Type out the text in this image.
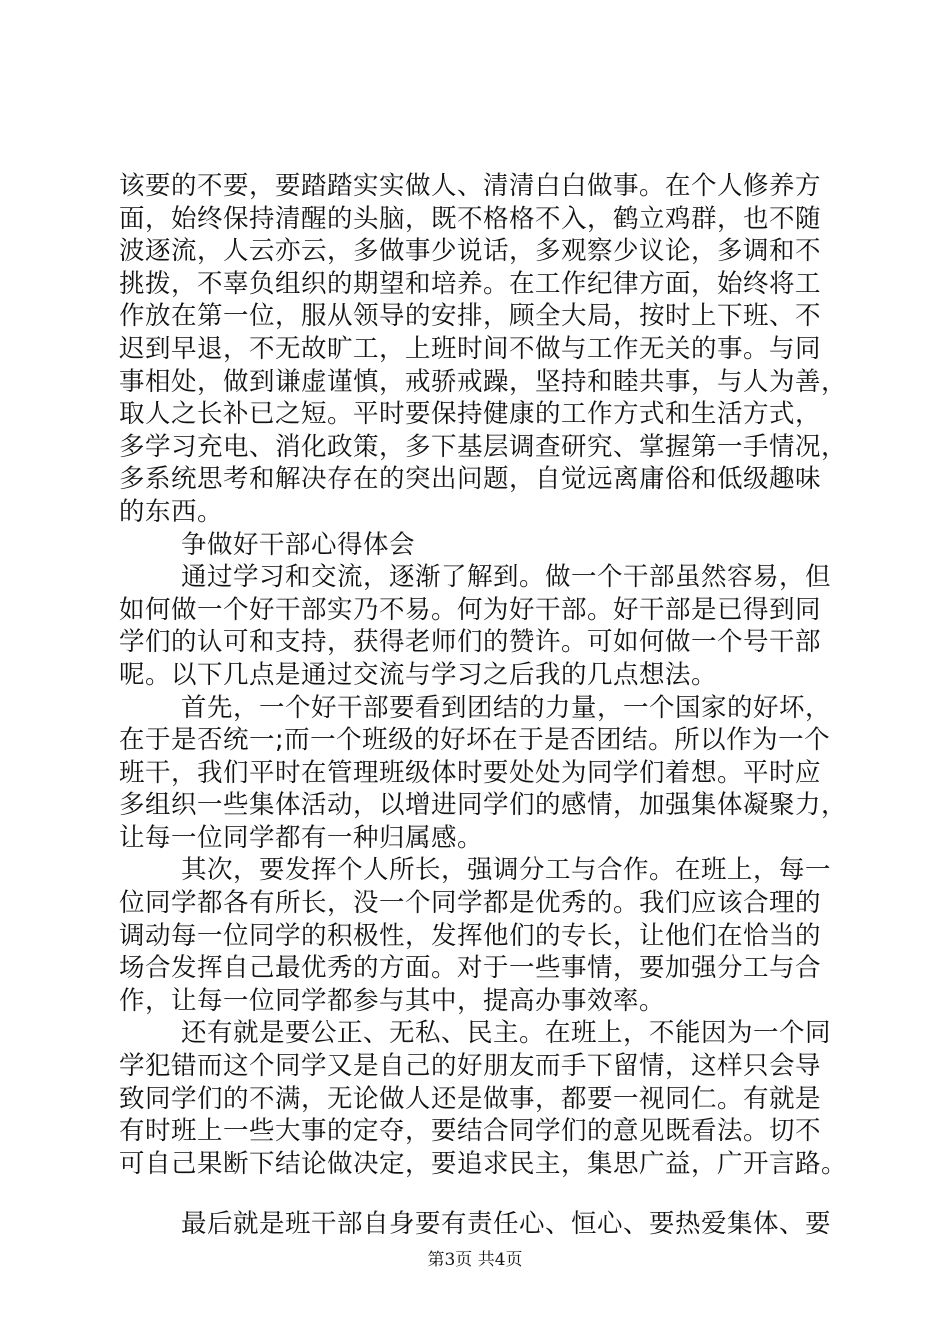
该要的不要，要踏踏实实做人、清清白白做事。在个人修养方
面，始终保持清醒的头脑，既不格格不入，鹤立鸡群，也不随
波逐流，人云亦云，多做事少说话，多观察少议论，多调和不
挑拨，不辜负组织的期望和培养。在工作纪律方面，始终将工
作放在第一位，服从领导的安排，顾全大局，按时上下班、不
迟到早退，不无故旷工，上班时间不做与工作无关的事。与同
事相处，做到谦虚谨慎，戒骄戒躁，坚持和睦共事，与人为善，
取人之长补已之短。平时要保持健康的工作方式和生活方式，
多学习充电、消化政策，多下基层调查研究、掌握第一手情况，
多系统思考和解决存在的突出问题，自觉远离庸俗和低级趣味
的东西。
争做好干部心得体会
通过学习和交流，逐渐了解到。做一个干部虽然容易，但
如何做一个好干部实乃不易。何为好干部。好干部是已得到同
学们的认可和支持，获得老师们的赞许。可如何做一个号干部
呢。以下几点是通过交流与学习之后我的几点想法。
首先，一个好干部要看到团结的力量，一个国家的好坏，
在于是否统一;而一个班级的好坏在于是否团结。所以作为一个
班干，我们平时在管理班级体时要处处为同学们着想。平时应
多组织一些集体活动，以增进同学们的感情，加强集体凝聚力，
让每一位同学都有一种归属感。
其次，要发挥个人所长，强调分工与合作。在班上，每一
位同学都各有所长，没一个同学都是优秀的。我们应该合理的
调动每一位同学的积极性，发挥他们的专长，让他们在恰当的
场合发挥自己最优秀的方面。对于一些事情，要加强分工与合
作，让每一位同学都参与其中，提高办事效率。
还有就是要公正、无私、民主。在班上，不能因为一个同
学犯错而这个同学又是自己的好朋友而手下留情，这样只会导
致同学们的不满，无论做人还是做事，都要一视同仁。有就是
有时班上一些大事的定夺，要结合同学们的意见既看法。切不
可自己果断下结论做决定，要追求民主，集思广益，广开言路。
最后就是班干部自身要有责任心、恒心、要热爱集体、要
第3页 共4页
